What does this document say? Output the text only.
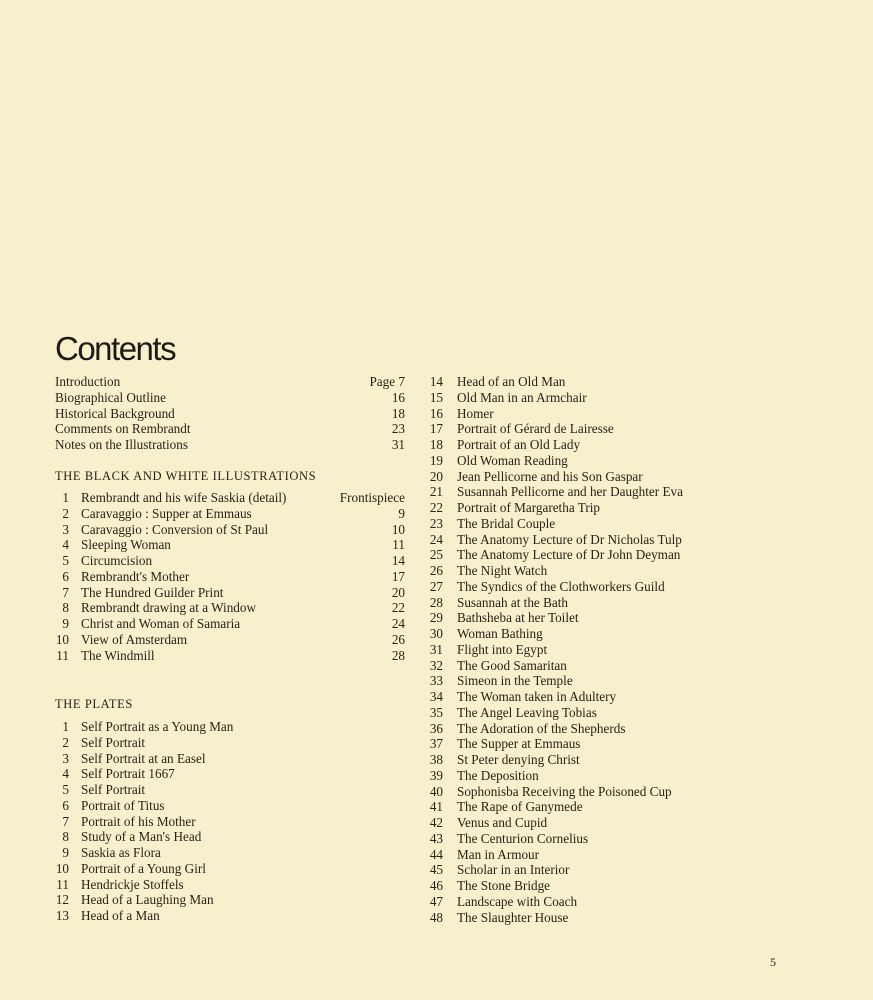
Contents
Introduction	Page 7
Biographical Outline	16
Historical Background	18
Comments on Rembrandt	23
Notes on the Illustrations	31
THE BLACK AND WHITE ILLUSTRATIONS
1 Rembrandt and his wife Saskia (detail)	Frontispiece
2 Caravaggio : Supper at Emmaus	9
3 Caravaggio : Conversion of St Paul	10
4 Sleeping Woman	11
5 Circumcision	14
6 Rembrandt's Mother	17
7 The Hundred Guilder Print	20
8 Rembrandt drawing at a Window	22
9 Christ and Woman of Samaria	24
10 View of Amsterdam	26
11 The Windmill	28
THE PLATES
1 Self Portrait as a Young Man
2 Self Portrait
3 Self Portrait at an Easel
4 Self Portrait 1667
5 Self Portrait
6 Portrait of Titus
7 Portrait of his Mother
8 Study of a Man's Head
9 Saskia as Flora
10 Portrait of a Young Girl
11 Hendrickje Stoffels
12 Head of a Laughing Man
13 Head of a Man
14 Head of an Old Man
15 Old Man in an Armchair
16 Homer
17 Portrait of Gérard de Lairesse
18 Portrait of an Old Lady
19 Old Woman Reading
20 Jean Pellicorne and his Son Gaspar
21 Susannah Pellicorne and her Daughter Eva
22 Portrait of Margaretha Trip
23 The Bridal Couple
24 The Anatomy Lecture of Dr Nicholas Tulp
25 The Anatomy Lecture of Dr John Deyman
26 The Night Watch
27 The Syndics of the Clothworkers Guild
28 Susannah at the Bath
29 Bathsheba at her Toilet
30 Woman Bathing
31 Flight into Egypt
32 The Good Samaritan
33 Simeon in the Temple
34 The Woman taken in Adultery
35 The Angel Leaving Tobias
36 The Adoration of the Shepherds
37 The Supper at Emmaus
38 St Peter denying Christ
39 The Deposition
40 Sophonisba Receiving the Poisoned Cup
41 The Rape of Ganymede
42 Venus and Cupid
43 The Centurion Cornelius
44 Man in Armour
45 Scholar in an Interior
46 The Stone Bridge
47 Landscape with Coach
48 The Slaughter House
5
